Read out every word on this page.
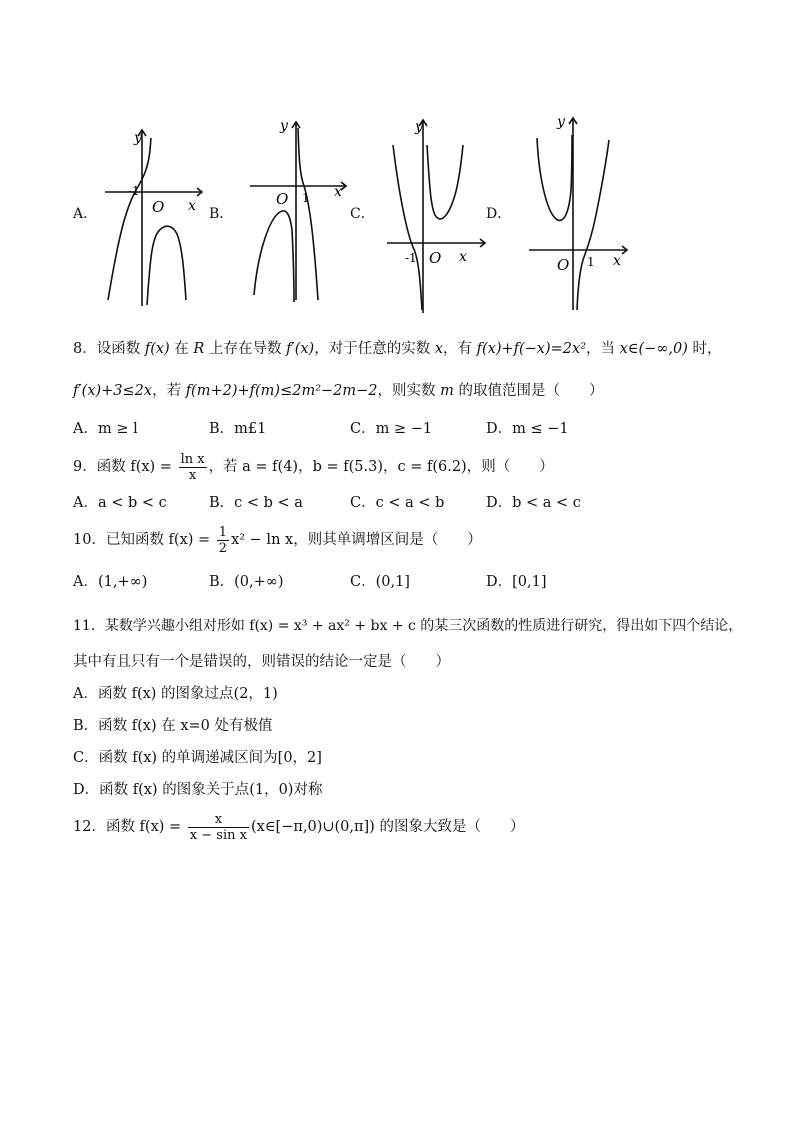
A．	B．	C．	D．
y
x
O
-1
y
x
O 1
y
x
O
-1
y
x
O 1
8．设函数 f(x) 在 R 上存在导数 f′(x)，对于任意的实数 x，有 f(x)+f(−x)=2x²，当 x∈(−∞,0) 时，
f′(x)+3≤2x，若 f(m+2)+f(m)≤2m²−2m−2，则实数 m 的取值范围是（　　）
A．m ≥ l	B．m£1	C．m ≥ −1	D．m ≤ −1
9．函数 $f(x) = \frac{\text{ln x}}{x}$ ，若 a = f(4)，b = f(5.3)，c = f(6.2)，则（　　）
A．a < b < c	B．c < b < a	C．c < a < b	D．b < a < c
10．已知函数 $f(x) = \frac{1}{2} x^2 - \ln x$，则其单调增区间是（　　）
A．(1,+∞)	B．(0,+∞)	C．(0,1]	D．[0,1]
11．某数学兴趣小组对形如 f(x) = x³ + ax² + bx + c 的某三次函数的性质进行研究，得出如下四个结论，
其中有且只有一个是错误的，则错误的结论一定是（　　）
A．函数 f(x) 的图象过点(2，1)
B．函数 f(x) 在 x=0 处有极值
C．函数 f(x) 的单调递减区间为[0，2]
D．函数 f(x) 的图象关于点(1，0)对称
12．函数 $f(x) = \frac{x}{\text{x − sin x}}$ (x∈[−π,0)∪(0,π]) 的图象大致是（　　）
